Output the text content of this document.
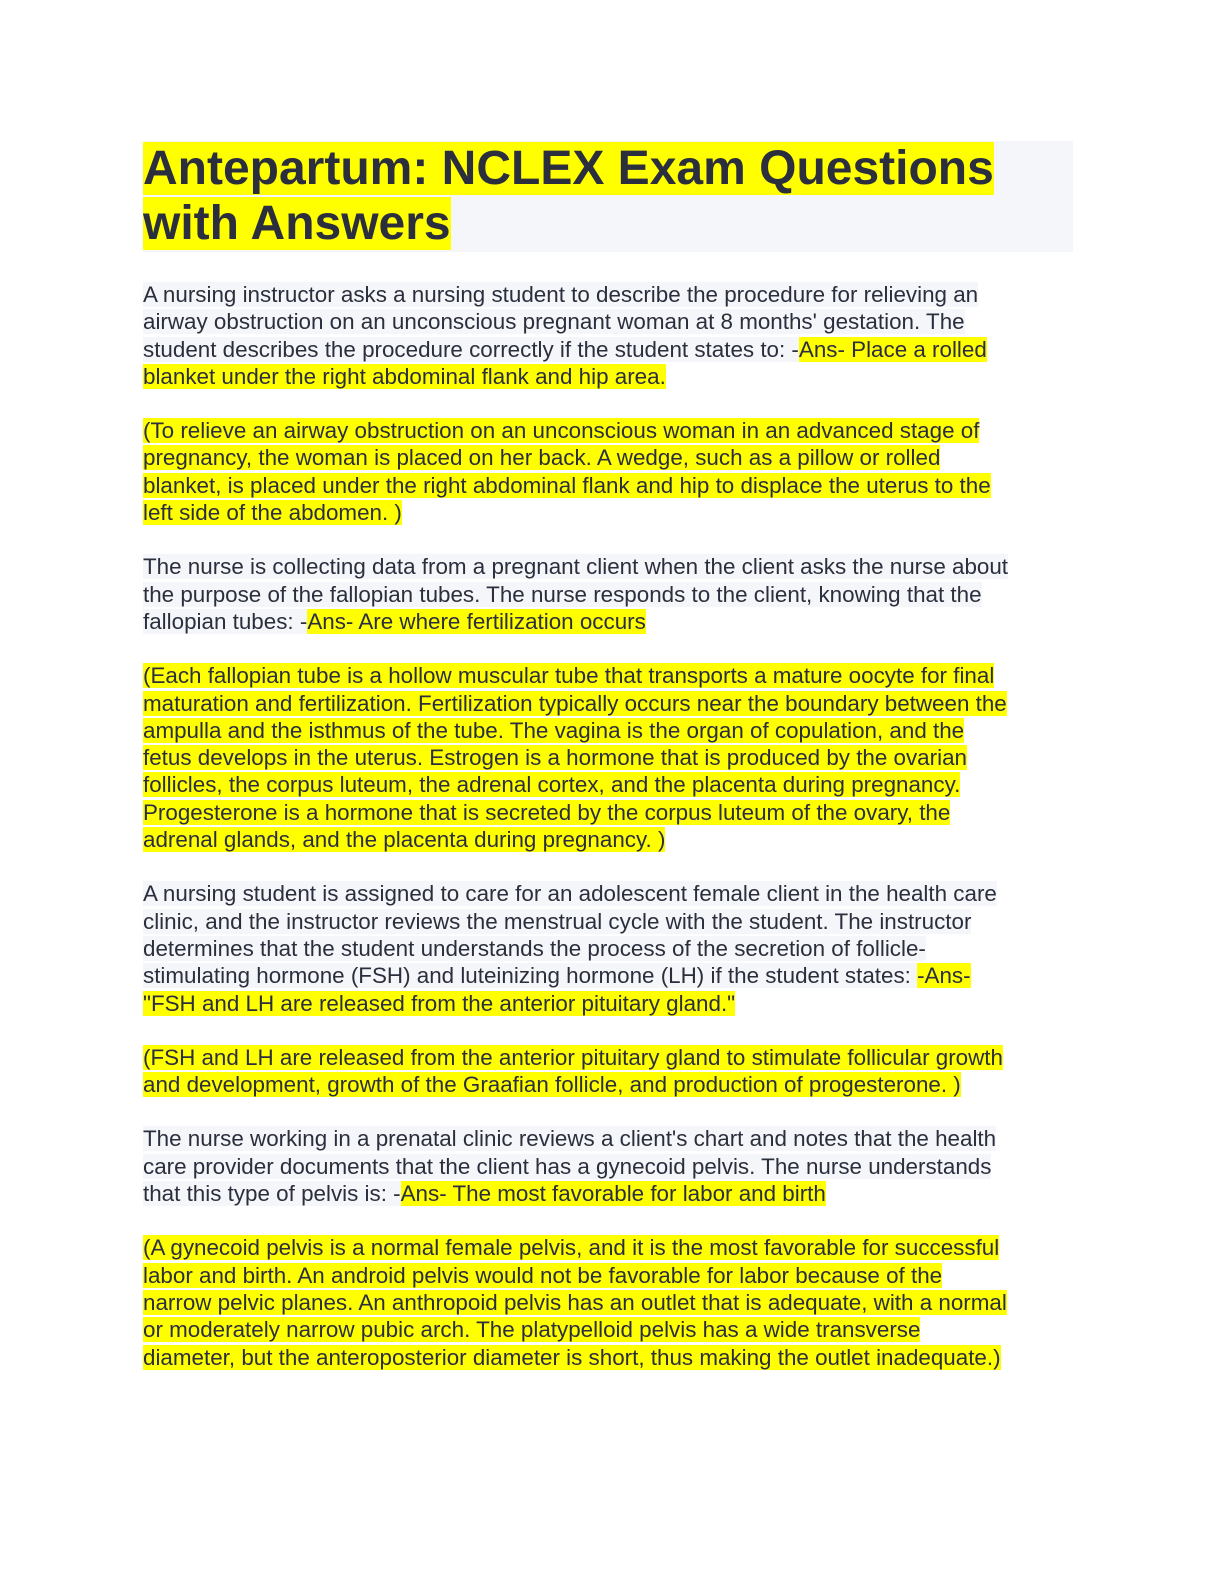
Antepartum: NCLEX Exam Questions
with Answers

A nursing instructor asks a nursing student to describe the procedure for relieving an
airway obstruction on an unconscious pregnant woman at 8 months' gestation. The
student describes the procedure correctly if the student states to: -Ans- Place a rolled
blanket under the right abdominal flank and hip area.

(To relieve an airway obstruction on an unconscious woman in an advanced stage of
pregnancy, the woman is placed on her back. A wedge, such as a pillow or rolled
blanket, is placed under the right abdominal flank and hip to displace the uterus to the
left side of the abdomen. )

The nurse is collecting data from a pregnant client when the client asks the nurse about
the purpose of the fallopian tubes. The nurse responds to the client, knowing that the
fallopian tubes: -Ans- Are where fertilization occurs

(Each fallopian tube is a hollow muscular tube that transports a mature oocyte for final
maturation and fertilization. Fertilization typically occurs near the boundary between the
ampulla and the isthmus of the tube. The vagina is the organ of copulation, and the
fetus develops in the uterus. Estrogen is a hormone that is produced by the ovarian
follicles, the corpus luteum, the adrenal cortex, and the placenta during pregnancy.
Progesterone is a hormone that is secreted by the corpus luteum of the ovary, the
adrenal glands, and the placenta during pregnancy. )

A nursing student is assigned to care for an adolescent female client in the health care
clinic, and the instructor reviews the menstrual cycle with the student. The instructor
determines that the student understands the process of the secretion of follicle-
stimulating hormone (FSH) and luteinizing hormone (LH) if the student states: -Ans-
"FSH and LH are released from the anterior pituitary gland."

(FSH and LH are released from the anterior pituitary gland to stimulate follicular growth
and development, growth of the Graafian follicle, and production of progesterone. )

The nurse working in a prenatal clinic reviews a client's chart and notes that the health
care provider documents that the client has a gynecoid pelvis. The nurse understands
that this type of pelvis is: -Ans- The most favorable for labor and birth

(A gynecoid pelvis is a normal female pelvis, and it is the most favorable for successful
labor and birth. An android pelvis would not be favorable for labor because of the
narrow pelvic planes. An anthropoid pelvis has an outlet that is adequate, with a normal
or moderately narrow pubic arch. The platypelloid pelvis has a wide transverse
diameter, but the anteroposterior diameter is short, thus making the outlet inadequate.)
